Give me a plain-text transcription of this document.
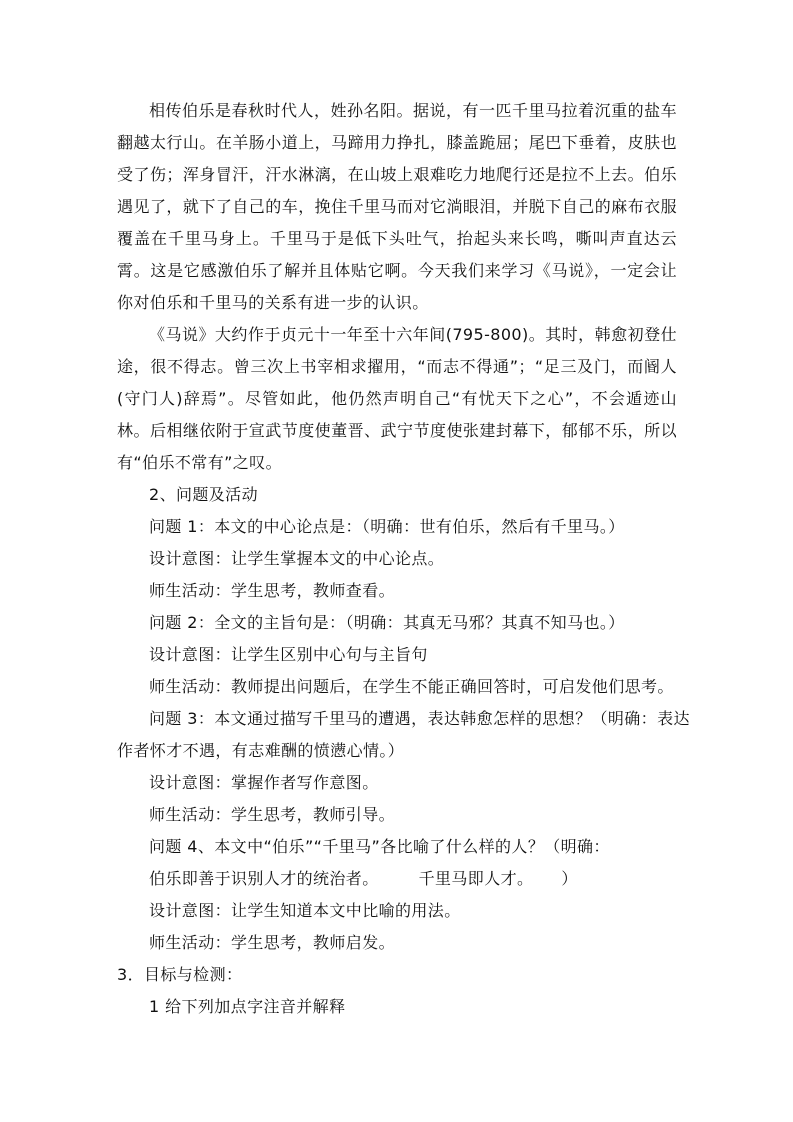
相传伯乐是春秋时代人，姓孙名阳。据说，有一匹千里马拉着沉重的盐车翻越太行山。在羊肠小道上，马蹄用力挣扎，膝盖跪屈；尾巴下垂着，皮肤也受了伤；浑身冒汗，汗水淋漓，在山坡上艰难吃力地爬行还是拉不上去。伯乐遇见了，就下了自己的车，挽住千里马而对它淌眼泪，并脱下自己的麻布衣服覆盖在千里马身上。千里马于是低下头吐气，抬起头来长鸣，嘶叫声直达云霄。这是它感激伯乐了解并且体贴它啊。今天我们来学习《马说》，一定会让你对伯乐和千里马的关系有进一步的认识。

《马说》大约作于贞元十一年至十六年间(795-800)。其时，韩愈初登仕途，很不得志。曾三次上书宰相求擢用，“而志不得通”；“足三及门，而阍人(守门人)辞焉”。尽管如此，他仍然声明自己“有忧天下之心”，不会遁迹山林。后相继依附于宣武节度使董晋、武宁节度使张建封幕下，郁郁不乐，所以有“伯乐不常有”之叹。

2、问题及活动

问题 1：本文的中心论点是：（明确：世有伯乐，然后有千里马。）

设计意图：让学生掌握本文的中心论点。

师生活动：学生思考，教师查看。

问题 2：全文的主旨句是：（明确：其真无马邪？其真不知马也。）

设计意图：让学生区别中心句与主旨句

师生活动：教师提出问题后，在学生不能正确回答时，可启发他们思考。

问题 3：本文通过描写千里马的遭遇，表达韩愈怎样的思想？（明确：表达

作者怀才不遇，有志难酬的愤懑心情。）

设计意图：掌握作者写作意图。

师生活动：学生思考，教师引导。

问题 4、本文中“伯乐”“千里马”各比喻了什么样的人？（明确：

伯乐即善于识别人才的统治者。	千里马即人才。 ）

设计意图：让学生知道本文中比喻的用法。

师生活动：学生思考，教师启发。

3．目标与检测：

1 给下列加点字注音并解释
